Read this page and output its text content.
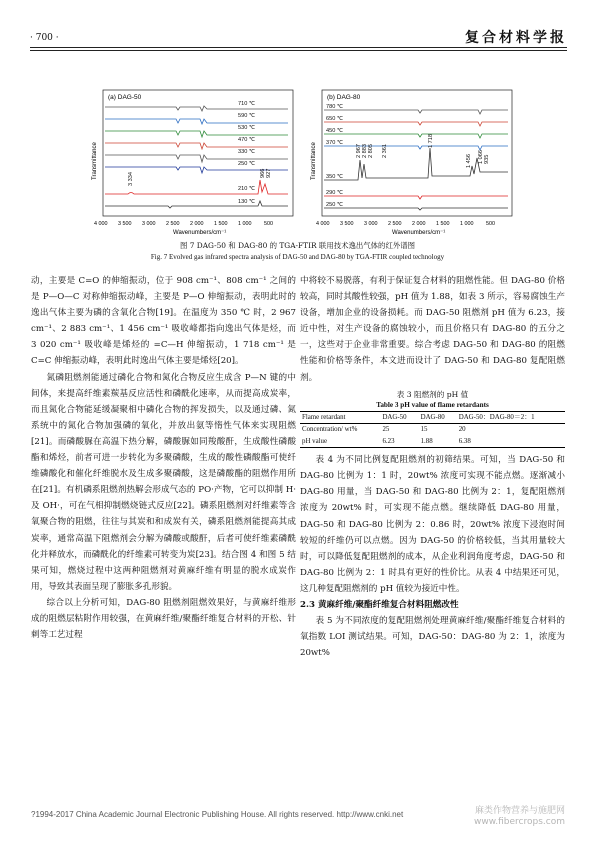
· 700 ·	复合材料学报
(a) DAG-50
710 ℃
590 ℃
530 ℃
470 ℃
330 ℃
250 ℃
210 ℃
130 ℃
3 334	966 927
Transmittance
4 000 3 500 3 000 2 500 2 000 1 500 1 000 500
Wavenumbers/cm⁻¹
(b) DAG-80
780 ℃
650 ℃
450 ℃
370 ℃
350 ℃
290 ℃
250 ℃
2 967 2 883 2 805 2 361
1 718
1 456 1 066 935
Transmittance
4 000 3 500 3 000 2 500 2 000 1 500 1 000 500
Wavenumbers/cm⁻¹
图 7 DAG-50 和 DAG-80 的 TGA-FTIR 联用技术逸出气体的红外谱图
Fig. 7 Evolved gas infrared spectra analysis of DAG-50 and DAG-80 by TGA-FTIR coupled technology

动，主要是 C=O 的伸缩振动，位于 908 cm⁻¹、808 cm⁻¹ 之间的是 P—O—C 对称伸缩振动峰，主要是 P—O 伸缩振动，表明此时的逸出气体主要为磷的含氧化合物[19]。在温度为 350 ℃ 时，2 967 cm⁻¹、2 883 cm⁻¹、1 456 cm⁻¹ 吸收峰都指向逸出气体是烃，而 3 020 cm⁻¹ 吸收峰是烯烃的 =C—H 伸缩振动，1 718 cm⁻¹ 是 C=C 伸缩振动峰，表明此时逸出气体主要是烯烃[20]。

氮磷阻燃剂能通过磷化合物和氮化合物反应生成含 P—N 键的中间体，来提高纤维素羰基反应活性和磷酰化速率，从而提高成炭率，而且氮化合物能延缓凝聚相中磷化合物的挥发损失，以及通过磷、氮系统中的氮化合物加强磷的氧化，并放出氨等惰性气体来实现阻燃[21]。而磷酸脲在高温下热分解，磷酸脲如同羧酸酐，生成酸性磷酸酯和烯烃，前者可进一步转化为多聚磷酸，生成的酸性磷酸酯可使纤维磷酸化和催化纤维脱水及生成多聚磷酸，这是磷酸酯的阻燃作用所在[21]。有机磷系阻燃剂热解会形成气态的 PO·产物，它可以抑制 H·及 OH·，可在气相抑制燃烧链式反应[22]。磷系阻燃剂对纤维素等含氧聚合物的阻燃，往往与其炭和和成炭有关，磷系阻燃剂能提高其成炭率，通常高温下阻燃剂会分解为磷酸或酸酐，后者可使纤维素磷酰化并释放水，而磷酰化的纤维素可转变为炭[23]。结合图 4 和图 5 结果可知，燃烧过程中这两种阻燃剂对黄麻纤维有明显的脱水成炭作用，导致其表面呈现了膨胀多孔形貌。

综合以上分析可知，DAG-80 阻燃剂阻燃效果好，与黄麻纤维形成的阻燃层粘附作用较强，在黄麻纤维/聚酯纤维复合材料的开松、针刺等工艺过程

中将较不易脱落，有利于保证复合材料的阻燃性能。但 DAG-80 价格较高，同时其酸性较强，pH 值为 1.88，如表 3 所示，容易腐蚀生产设备，增加企业的设备损耗。而 DAG-50 阻燃剂 pH 值为 6.23，接近中性，对生产设备的腐蚀较小，而且价格只有 DAG-80 的五分之一，这些对于企业非常重要。综合考虑 DAG-50 和 DAG-80 的阻燃性能和价格等条件，本文进而设计了 DAG-50 和 DAG-80 复配阻燃剂。

表 3 阻燃剂的 pH 值
Table 3 pH value of flame retardants
Flame retardant	DAG-50	DAG-80	DAG-50：DAG-80＝2：1
Concentration/ wt%	25	15	20
pH value	6.23	1.88	6.38

表 4 为不同比例复配阻燃剂的初筛结果。可知，当 DAG-50 和 DAG-80 比例为 1：1 时，20wt% 浓度可实现不能点燃。逐渐减小 DAG-80 用量，当 DAG-50 和 DAG-80 比例为 2：1，复配阻燃剂浓度为 20wt% 时，可实现不能点燃。继续降低 DAG-80 用量，DAG-50 和 DAG-80 比例为 2：0.86 时，20wt% 浓度下浸泡时间较短的纤维仍可以点燃。因为 DAG-50 的价格较低，当其用量较大时，可以降低复配阻燃剂的成本，从企业利润角度考虑，DAG-50 和 DAG-80 比例为 2：1 时具有更好的性价比。从表 4 中结果还可见，这几种复配阻燃剂的 pH 值较为接近中性。

2.3 黄麻纤维/聚酯纤维复合材料阻燃改性

表 5 为不同浓度的复配阻燃剂处理黄麻纤维/聚酯纤维复合材料的氧指数 LOI 测试结果。可知，DAG-50：DAG-80 为 2：1，浓度为 20wt%

?1994-2017 China Academic Journal Electronic Publishing House. All rights reserved. http://www.cnki.net	麻类作物营养与施肥网
www.fibercrops.com
